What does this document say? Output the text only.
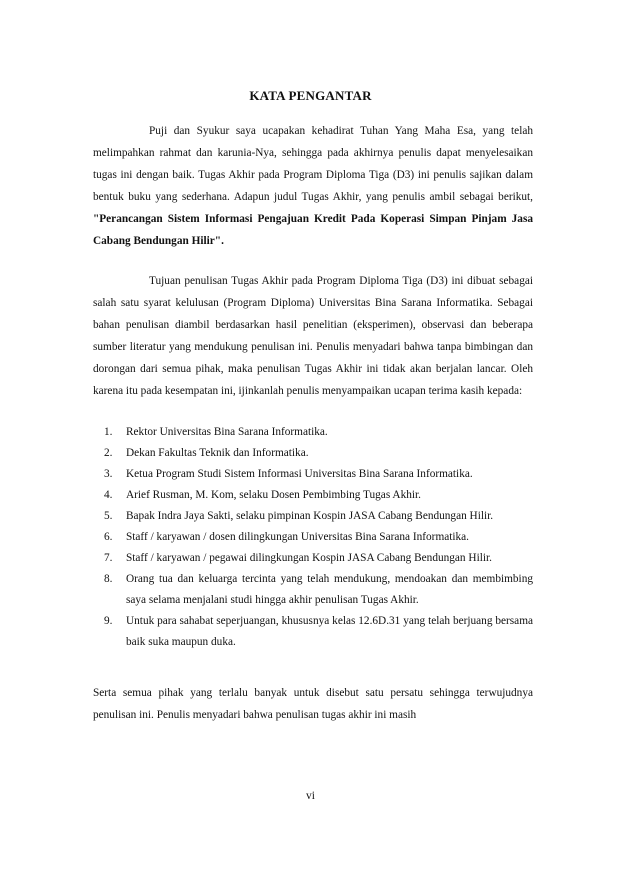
KATA PENGANTAR

Puji dan Syukur saya ucapakan kehadirat Tuhan Yang Maha Esa, yang telah melimpahkan rahmat dan karunia-Nya, sehingga pada akhirnya penulis dapat menyelesaikan tugas ini dengan baik. Tugas Akhir pada Program Diploma Tiga (D3) ini penulis sajikan dalam bentuk buku yang sederhana. Adapun judul Tugas Akhir, yang penulis ambil sebagai berikut, "Perancangan Sistem Informasi Pengajuan Kredit Pada Koperasi Simpan Pinjam Jasa Cabang Bendungan Hilir".

Tujuan penulisan Tugas Akhir pada Program Diploma Tiga (D3) ini dibuat sebagai salah satu syarat kelulusan (Program Diploma) Universitas Bina Sarana Informatika. Sebagai bahan penulisan diambil berdasarkan hasil penelitian (eksperimen), observasi dan beberapa sumber literatur yang mendukung penulisan ini. Penulis menyadari bahwa tanpa bimbingan dan dorongan dari semua pihak, maka penulisan Tugas Akhir ini tidak akan berjalan lancar. Oleh karena itu pada kesempatan ini, ijinkanlah penulis menyampaikan ucapan terima kasih kepada:

1. Rektor Universitas Bina Sarana Informatika.
2. Dekan Fakultas Teknik dan Informatika.
3. Ketua Program Studi Sistem Informasi Universitas Bina Sarana Informatika.
4. Arief Rusman, M. Kom, selaku Dosen Pembimbing Tugas Akhir.
5. Bapak Indra Jaya Sakti, selaku pimpinan Kospin JASA Cabang Bendungan Hilir.
6. Staff / karyawan / dosen dilingkungan Universitas Bina Sarana Informatika.
7. Staff / karyawan / pegawai dilingkungan Kospin JASA Cabang Bendungan Hilir.
8. Orang tua dan keluarga tercinta yang telah mendukung, mendoakan dan membimbing saya selama menjalani studi hingga akhir penulisan Tugas Akhir.
9. Untuk para sahabat seperjuangan, khususnya kelas 12.6D.31 yang telah berjuang bersama baik suka maupun duka.

Serta semua pihak yang terlalu banyak untuk disebut satu persatu sehingga terwujudnya penulisan ini. Penulis menyadari bahwa penulisan tugas akhir ini masih

vi
